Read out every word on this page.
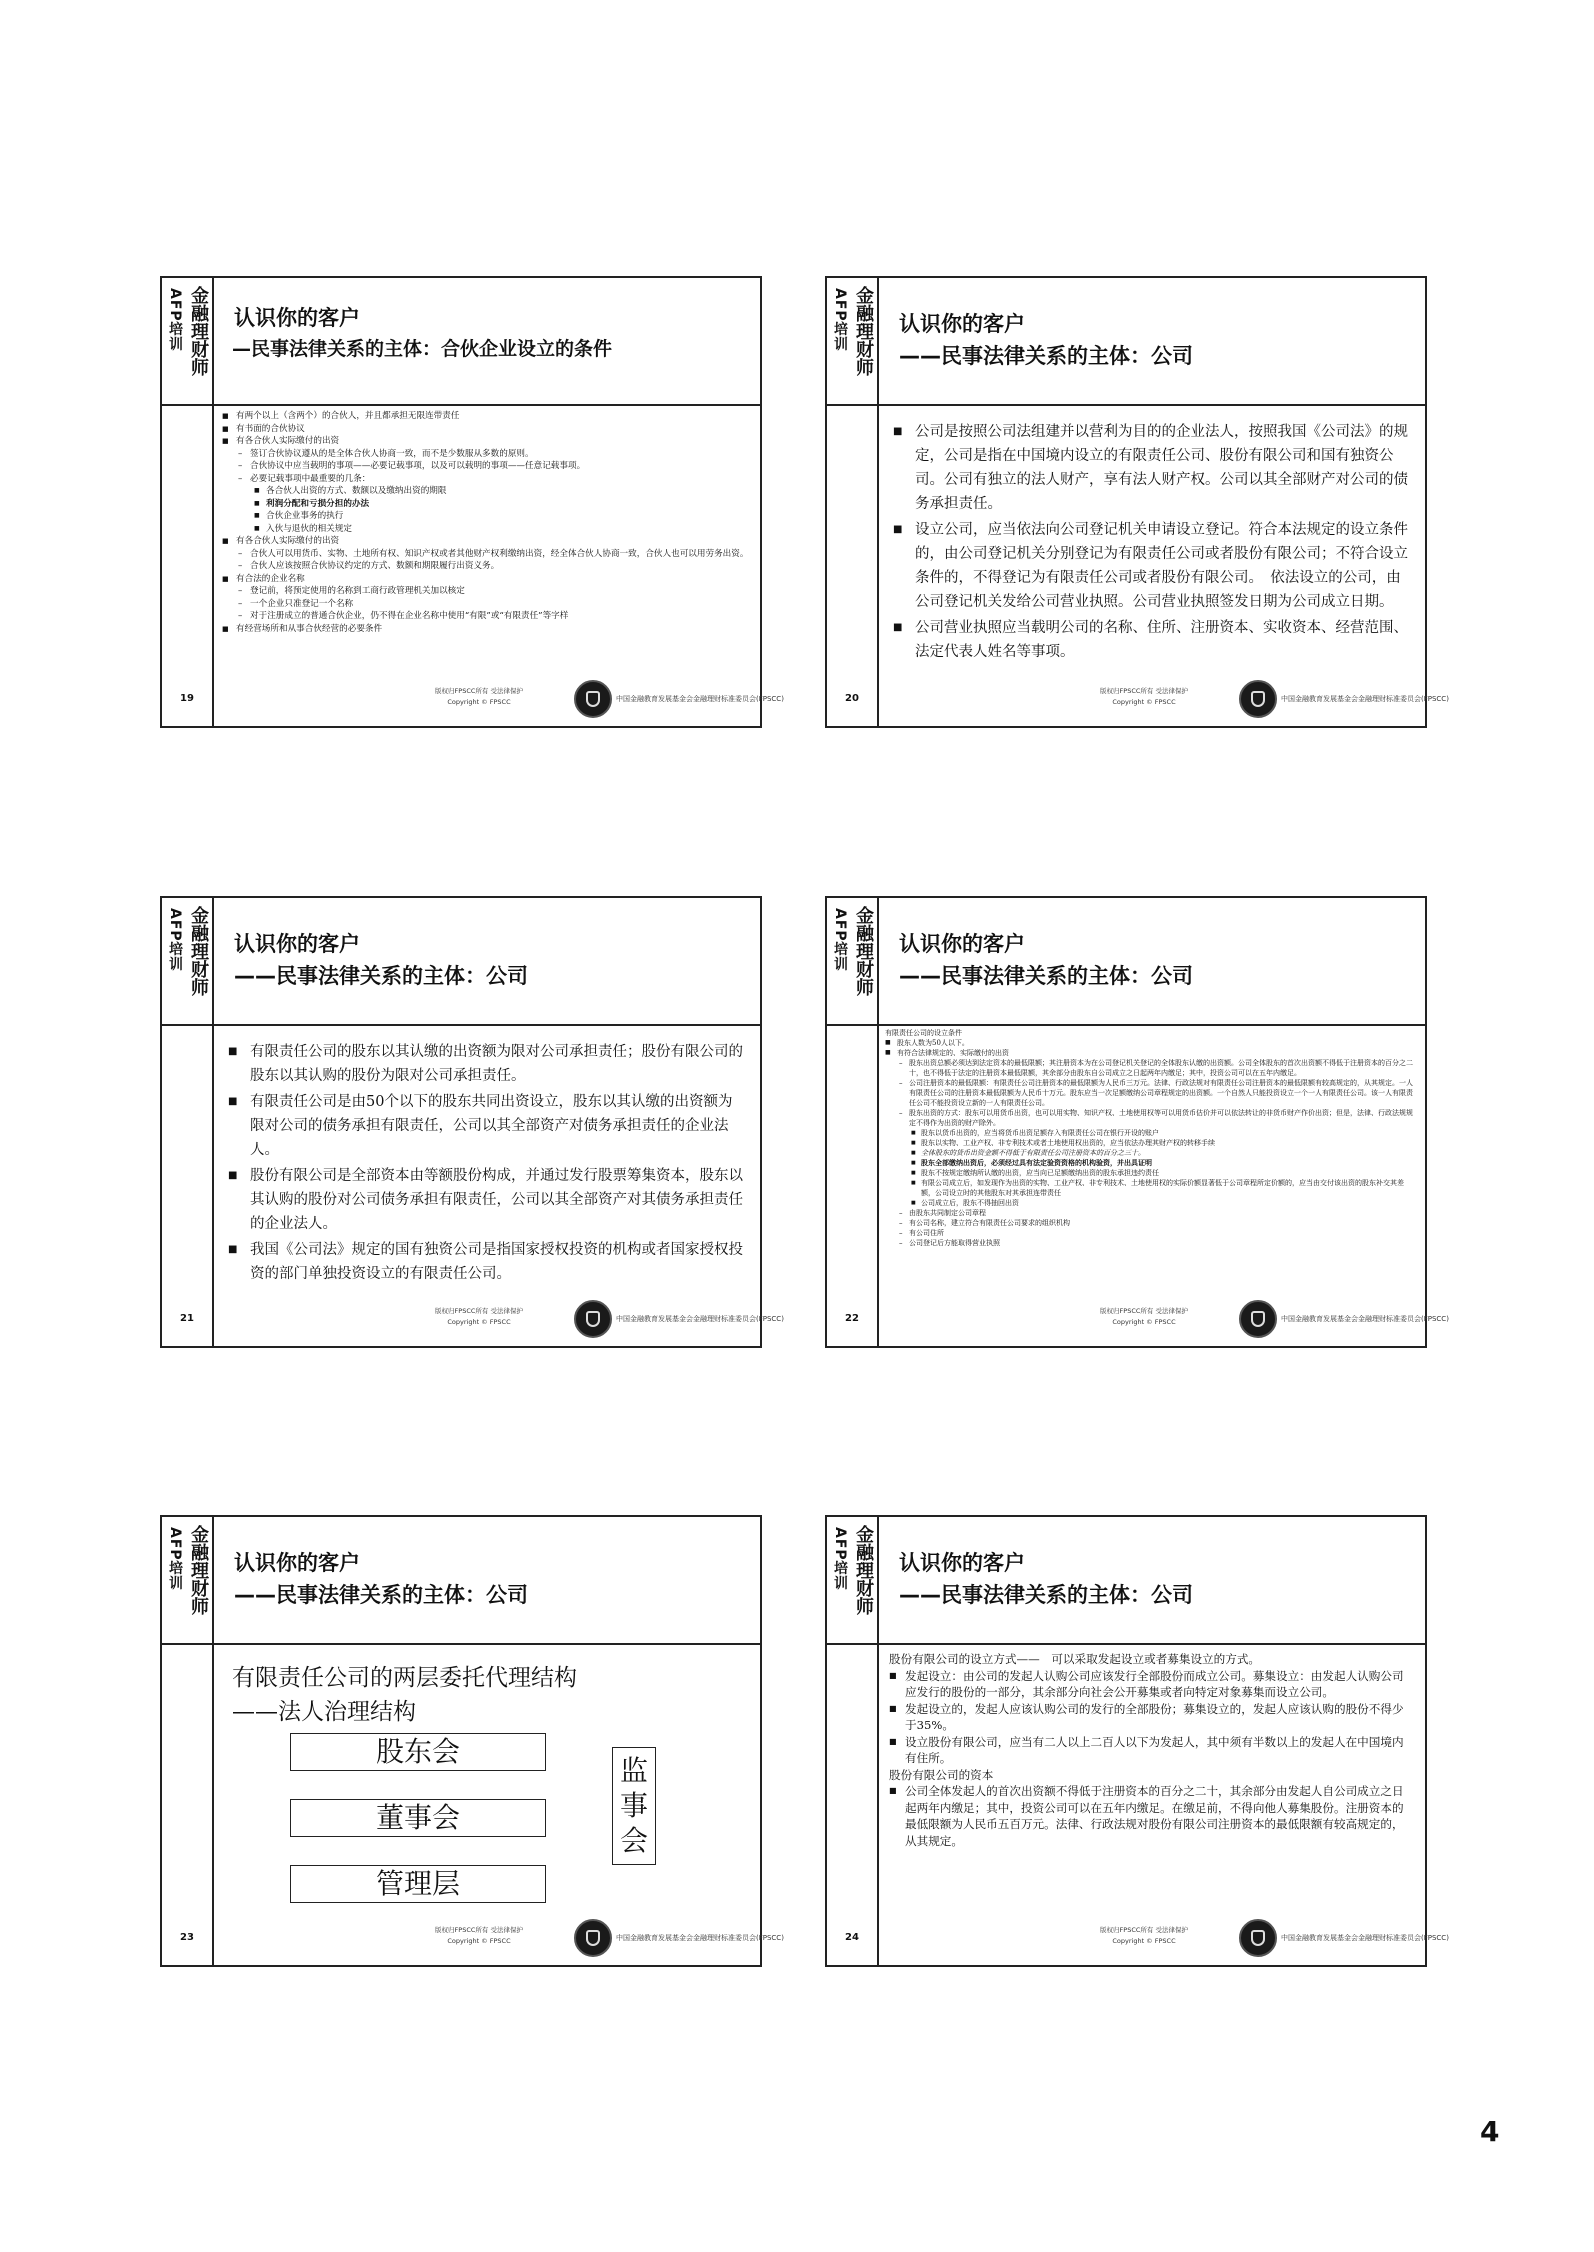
金融理财师
AFP培训
19
认识你的客户
—民事法律关系的主体：合伙企业设立的条件
■ 有两个以上（含两个）的合伙人，并且都承担无限连带责任
■ 有书面的合伙协议
■ 有各合伙人实际缴付的出资
– 签订合伙协议遵从的是全体合伙人协商一致，而不是少数服从多数的原则。
– 合伙协议中应当载明的事项——必要记载事项，以及可以载明的事项——任意记载事项。
– 必要记载事项中最重要的几条：
■ 各合伙人出资的方式、数额以及缴纳出资的期限
■ 利润分配和亏损分担的办法
■ 合伙企业事务的执行
■ 入伙与退伙的相关规定
■ 有各合伙人实际缴付的出资
– 合伙人可以用货币、实物、土地所有权、知识产权或者其他财产权利缴纳出资，经全体合伙人协商一致，合伙人也可以用劳务出资。
– 合伙人应该按照合伙协议约定的方式、数额和期限履行出资义务。
■ 有合法的企业名称
– 登记前，将预定使用的名称到工商行政管理机关加以核定
– 一个企业只准登记一个名称
– 对于注册成立的普通合伙企业，仍不得在企业名称中使用“有限”或“有限责任”等字样
■ 有经营场所和从事合伙经营的必要条件
版权归FPSCC所有 受法律保护
Copyright © FPSCC	中国金融教育发展基金会金融理财标准委员会(FPSCC)
金融理财师
AFP培训
20
认识你的客户
——民事法律关系的主体：公司
■ 公司是按照公司法组建并以营利为目的的企业法人，按照我国《公司法》的规定，公司是指在中国境内设立的有限责任公司、股份有限公司和国有独资公司。公司有独立的法人财产，享有法人财产权。公司以其全部财产对公司的债务承担责任。
■ 设立公司，应当依法向公司登记机关申请设立登记。符合本法规定的设立条件的，由公司登记机关分别登记为有限责任公司或者股份有限公司；不符合设立条件的，不得登记为有限责任公司或者股份有限公司。　依法设立的公司，由公司登记机关发给公司营业执照。公司营业执照签发日期为公司成立日期。
■ 公司营业执照应当载明公司的名称、住所、注册资本、实收资本、经营范围、法定代表人姓名等事项。
版权归FPSCC所有 受法律保护
Copyright © FPSCC	中国金融教育发展基金会金融理财标准委员会(FPSCC)
金融理财师
AFP培训
21
认识你的客户
——民事法律关系的主体：公司
■ 有限责任公司的股东以其认缴的出资额为限对公司承担责任；股份有限公司的股东以其认购的股份为限对公司承担责任。
■ 有限责任公司是由50个以下的股东共同出资设立，股东以其认缴的出资额为限对公司的债务承担有限责任，公司以其全部资产对债务承担责任的企业法人。
■ 股份有限公司是全部资本由等额股份构成，并通过发行股票筹集资本，股东以其认购的股份对公司债务承担有限责任，公司以其全部资产对其债务承担责任的企业法人。
■ 我国《公司法》规定的国有独资公司是指国家授权投资的机构或者国家授权投资的部门单独投资设立的有限责任公司。
版权归FPSCC所有 受法律保护
Copyright © FPSCC	中国金融教育发展基金会金融理财标准委员会(FPSCC)
金融理财师
AFP培训
22
认识你的客户
——民事法律关系的主体：公司
有限责任公司的设立条件
■ 股东人数为50人以下。
■ 有符合法律规定的、实际缴付的出资
– 股东出资总额必须达到法定资本的最低限额；其注册资本为在公司登记机关登记的全体股东认缴的出资额。公司全体股东的首次出资额不得低于注册资本的百分之二十，也不得低于法定的注册资本最低限额，其余部分由股东自公司成立之日起两年内缴足；其中，投资公司可以在五年内缴足。
– 公司注册资本的最低限额：有限责任公司注册资本的最低限额为人民币三万元。法律、行政法规对有限责任公司注册资本的最低限额有较高规定的，从其规定。一人有限责任公司的注册资本最低限额为人民币十万元。股东应当一次足额缴纳公司章程规定的出资额。一个自然人只能投资设立一个一人有限责任公司。该一人有限责任公司不能投资设立新的一人有限责任公司。
– 股东出资的方式：股东可以用货币出资，也可以用实物、知识产权、土地使用权等可以用货币估价并可以依法转让的非货币财产作价出资；但是，法律、行政法规规定不得作为出资的财产除外。
■ 股东以货币出资的，应当将货币出资足额存入有限责任公司在银行开设的账户
■ 股东以实物、工业产权、非专利技术或者土地使用权出资的，应当依法办理其财产权的转移手续
■ 全体股东的货币出资金额不得低于有限责任公司注册资本的百分之三十。
■ 股东全部缴纳出资后，必须经过具有法定验资资格的机构验资，并出具证明
■ 股东不按规定缴纳所认缴的出资，应当向已足额缴纳出资的股东承担违约责任
■ 有限公司成立后，如发现作为出资的实物、工业产权、非专利技术、土地使用权的实际价额显著低于公司章程所定价额的，应当由交付该出资的股东补交其差额，公司设立时的其他股东对其承担连带责任
■ 公司成立后，股东不得抽回出资
– 由股东共同制定公司章程
– 有公司名称，建立符合有限责任公司要求的组织机构
– 有公司住所
– 公司登记后方能取得营业执照
版权归FPSCC所有 受法律保护
Copyright © FPSCC	中国金融教育发展基金会金融理财标准委员会(FPSCC)
金融理财师
AFP培训
23
认识你的客户
——民事法律关系的主体：公司
有限责任公司的两层委托代理结构
——法人治理结构
股东会
董事会
管理层
监
事
会
版权归FPSCC所有 受法律保护
Copyright © FPSCC	中国金融教育发展基金会金融理财标准委员会(FPSCC)
金融理财师
AFP培训
24
认识你的客户
——民事法律关系的主体：公司
股份有限公司的设立方式——　可以采取发起设立或者募集设立的方式。
■ 发起设立：由公司的发起人认购公司应该发行全部股份而成立公司。募集设立：由发起人认购公司应发行的股份的一部分，其余部分向社会公开募集或者向特定对象募集而设立公司。
■ 发起设立的，发起人应该认购公司的发行的全部股份；募集设立的，发起人应该认购的股份不得少于35%。
■ 设立股份有限公司，应当有二人以上二百人以下为发起人，其中须有半数以上的发起人在中国境内有住所。
股份有限公司的资本
■ 公司全体发起人的首次出资额不得低于注册资本的百分之二十，其余部分由发起人自公司成立之日起两年内缴足；其中，投资公司可以在五年内缴足。在缴足前，不得向他人募集股份。注册资本的最低限额为人民币五百万元。法律、行政法规对股份有限公司注册资本的最低限额有较高规定的，从其规定。
版权归FPSCC所有 受法律保护
Copyright © FPSCC	中国金融教育发展基金会金融理财标准委员会(FPSCC)
4
